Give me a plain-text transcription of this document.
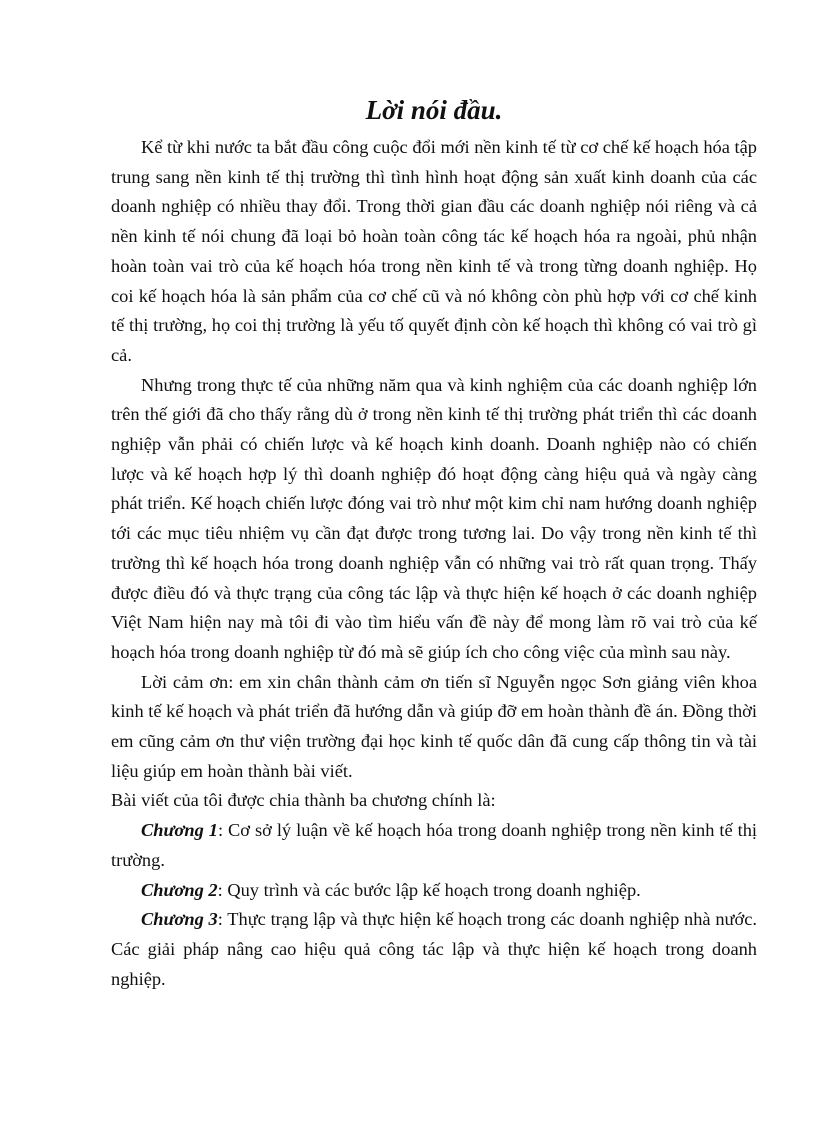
Lời nói đầu.

Kể từ khi nước ta bắt đầu công cuộc đổi mới nền kinh tế từ cơ chế kế hoạch hóa tập trung sang nền kinh tế thị trường thì tình hình hoạt động sản xuất kinh doanh của các doanh nghiệp có nhiều thay đổi. Trong thời gian đầu các doanh nghiệp nói riêng và cả nền kinh tế nói chung đã loại bỏ hoàn toàn công tác kế hoạch hóa ra ngoài, phủ nhận hoàn toàn vai trò của kế hoạch hóa trong nền kinh tế và trong từng doanh nghiệp. Họ coi kế hoạch hóa là sản phẩm của cơ chế cũ và nó không còn phù hợp với cơ chế kinh tế thị trường, họ coi thị trường là yếu tố quyết định còn kế hoạch thì không có vai trò gì cả.

Nhưng trong thực tế của những năm qua và kinh nghiệm của các doanh nghiệp lớn trên thế giới đã cho thấy rằng dù ở trong nền kinh tế thị trường phát triển thì các doanh nghiệp vẫn phải có chiến lược và kế hoạch kinh doanh. Doanh nghiệp nào có chiến lược và kế hoạch hợp lý thì doanh nghiệp đó hoạt động càng hiệu quả và ngày càng phát triển. Kế hoạch chiến lược đóng vai trò như một kim chỉ nam hướng doanh nghiệp tới các mục tiêu nhiệm vụ cần đạt được trong tương lai. Do vậy trong nền kinh tế thì trường thì kế hoạch hóa trong doanh nghiệp vẫn có những vai trò rất quan trọng. Thấy được điều đó và thực trạng của công tác lập và thực hiện kế hoạch ở các doanh nghiệp Việt Nam hiện nay mà tôi đi vào tìm hiểu vấn đề này để mong làm rõ vai trò của kế hoạch hóa trong doanh nghiệp từ đó mà sẽ giúp ích cho công việc của mình sau này.

Lời cảm ơn: em xin chân thành cảm ơn tiến sĩ Nguyễn ngọc Sơn giảng viên khoa kinh tế kế hoạch và phát triển đã hướng dẫn và giúp đỡ em hoàn thành đề án. Đồng thời em cũng cảm ơn thư viện trường đại học kinh tế quốc dân đã cung cấp thông tin và tài liệu giúp em hoàn thành bài viết.

Bài viết của tôi được chia thành ba chương chính là:

Chương 1: Cơ sở lý luận về kế hoạch hóa trong doanh nghiệp trong nền kinh tế thị trường.

Chương 2: Quy trình và các bước lập kế hoạch trong doanh nghiệp.

Chương 3: Thực trạng lập và thực hiện kế hoạch trong các doanh nghiệp nhà nước. Các giải pháp nâng cao hiệu quả công tác lập và thực hiện kế hoạch trong doanh nghiệp.
